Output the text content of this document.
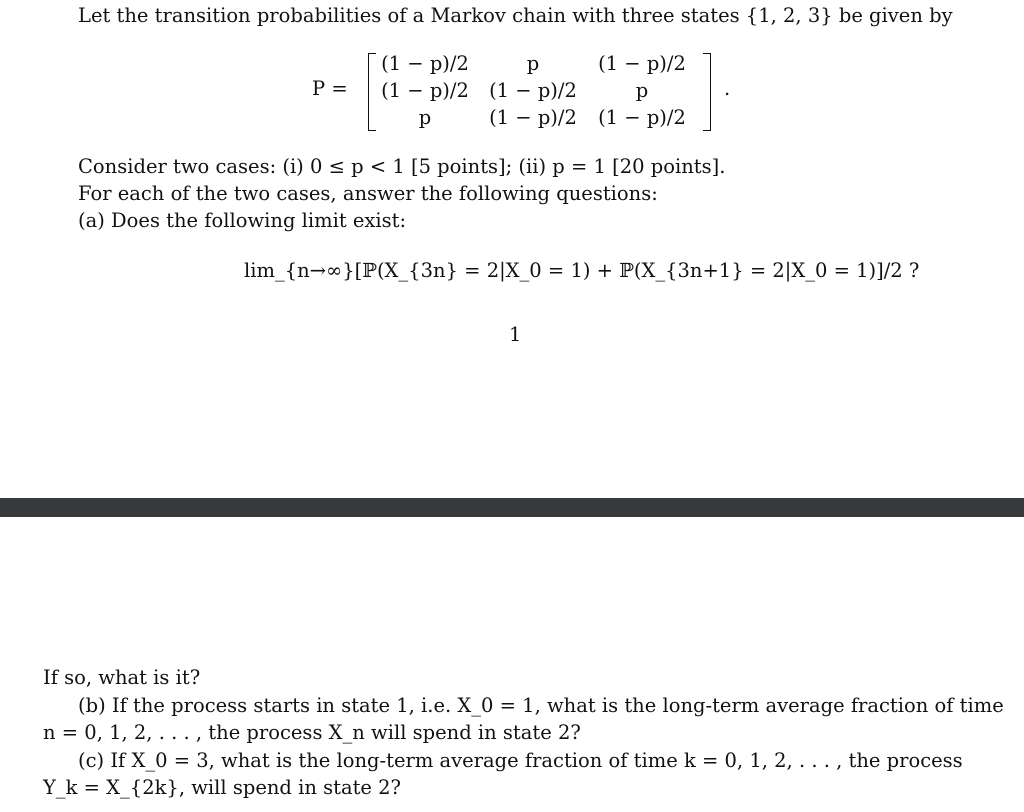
Let the transition probabilities of a Markov chain with three states {1, 2, 3} be given by
P =
(1 − p)/2	p	(1 − p)/2
(1 − p)/2	(1 − p)/2	p
p	(1 − p)/2	(1 − p)/2
.
Consider two cases: (i) 0 ≤ p < 1 [5 points]; (ii) p = 1 [20 points].
For each of the two cases, answer the following questions:
(a) Does the following limit exist:
lim_{n→∞}[ℙ(X_{3n} = 2|X_0 = 1) + ℙ(X_{3n+1} = 2|X_0 = 1)]/2 ?
1
If so, what is it?
(b) If the process starts in state 1, i.e. X_0 = 1, what is the long-term average fraction of time
n = 0, 1, 2, . . . , the process X_n will spend in state 2?
(c) If X_0 = 3, what is the long-term average fraction of time k = 0, 1, 2, . . . , the process
Y_k = X_{2k}, will spend in state 2?
